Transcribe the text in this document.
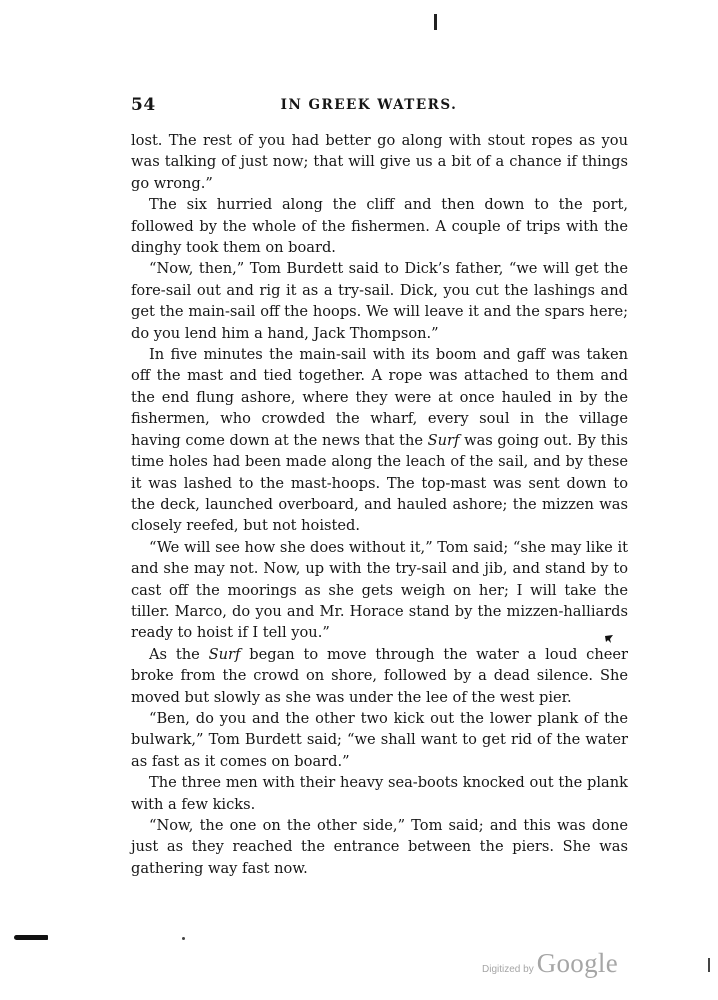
54	IN GREEK WATERS.

lost. The rest of you had better go along with stout ropes as you was talking of just now; that will give us a bit of a chance if things go wrong.”

The six hurried along the cliff and then down to the port, followed by the whole of the fishermen. A couple of trips with the dinghy took them on board.

“Now, then,” Tom Burdett said to Dick’s father, “we will get the fore-sail out and rig it as a try-sail. Dick, you cut the lashings and get the main-sail off the hoops. We will leave it and the spars here; do you lend him a hand, Jack Thompson.”

In five minutes the main-sail with its boom and gaff was taken off the mast and tied together. A rope was attached to them and the end flung ashore, where they were at once hauled in by the fishermen, who crowded the wharf, every soul in the village having come down at the news that the Surf was going out. By this time holes had been made along the leach of the sail, and by these it was lashed to the mast-hoops. The top-mast was sent down to the deck, launched overboard, and hauled ashore; the mizzen was closely reefed, but not hoisted.

“We will see how she does without it,” Tom said; “she may like it and she may not. Now, up with the try-sail and jib, and stand by to cast off the moorings as she gets weigh on her; I will take the tiller. Marco, do you and Mr. Horace stand by the mizzen-halliards ready to hoist if I tell you.”

As the Surf began to move through the water a loud cheer broke from the crowd on shore, followed by a dead silence. She moved but slowly as she was under the lee of the west pier.

“Ben, do you and the other two kick out the lower plank of the bulwark,” Tom Burdett said; “we shall want to get rid of the water as fast as it comes on board.”

The three men with their heavy sea-boots knocked out the plank with a few kicks.

“Now, the one on the other side,” Tom said; and this was done just as they reached the entrance between the piers. She was gathering way fast now.

Digitized by Google
